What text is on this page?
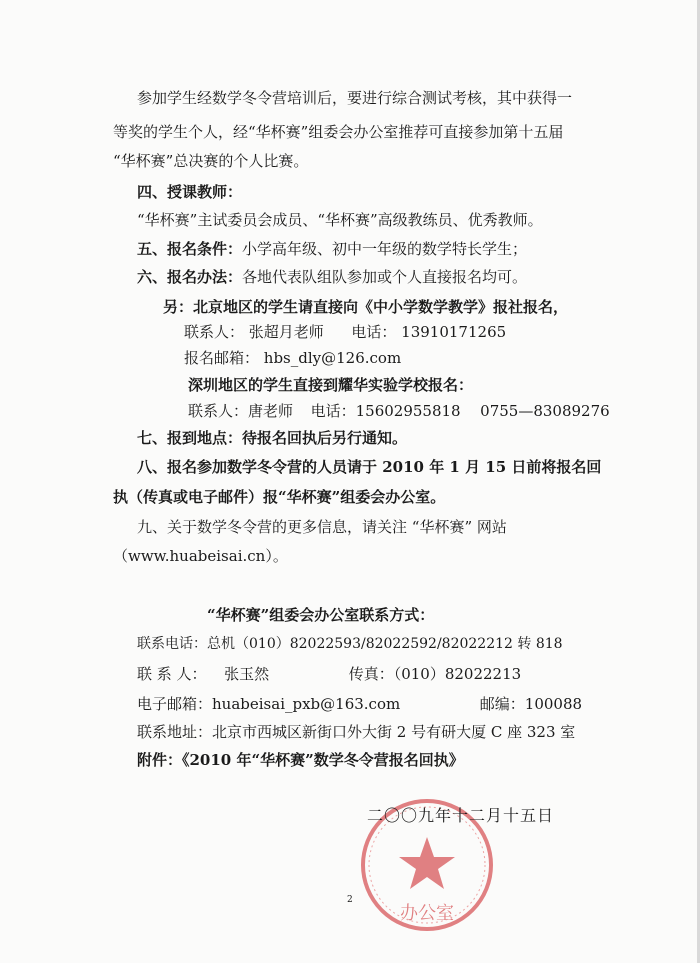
参加学生经数学冬令营培训后，要进行综合测试考核，其中获得一
等奖的学生个人，经“华杯赛”组委会办公室推荐可直接参加第十五届
“华杯赛”总决赛的个人比赛。
四、授课教师：
“华杯赛”主试委员会成员、“华杯赛”高级教练员、优秀教师。
五、报名条件：小学高年级、初中一年级的数学特长学生；
六、报名办法：各地代表队组队参加或个人直接报名均可。
另：北京地区的学生请直接向《中小学数学教学》报社报名，
联系人： 张超月老师 电话： 13910171265
报名邮箱： hbs_dly@126.com
深圳地区的学生直接到耀华实验学校报名：
联系人：唐老师 电话：15602955818 0755—83089276
七、报到地点：待报名回执后另行通知。
八、报名参加数学冬令营的人员请于 2010 年 1 月 15 日前将报名回
执（传真或电子邮件）报“华杯赛”组委会办公室。
九、关于数学冬令营的更多信息，请关注 “华杯赛” 网站
（www.huabeisai.cn）。
“华杯赛”组委会办公室联系方式：
联系电话：总机（010）82022593/82022592/82022212 转 818
联 系 人： 张玉然	传真：（010）82022213
电子邮箱：huabeisai_pxb@163.com	邮编：100088
联系地址：北京市西城区新街口外大街 2 号有研大厦 C 座 323 室
附件：《2010 年“华杯赛”数学冬令营报名回执》
办公室
二〇〇九年十二月十五日
2
